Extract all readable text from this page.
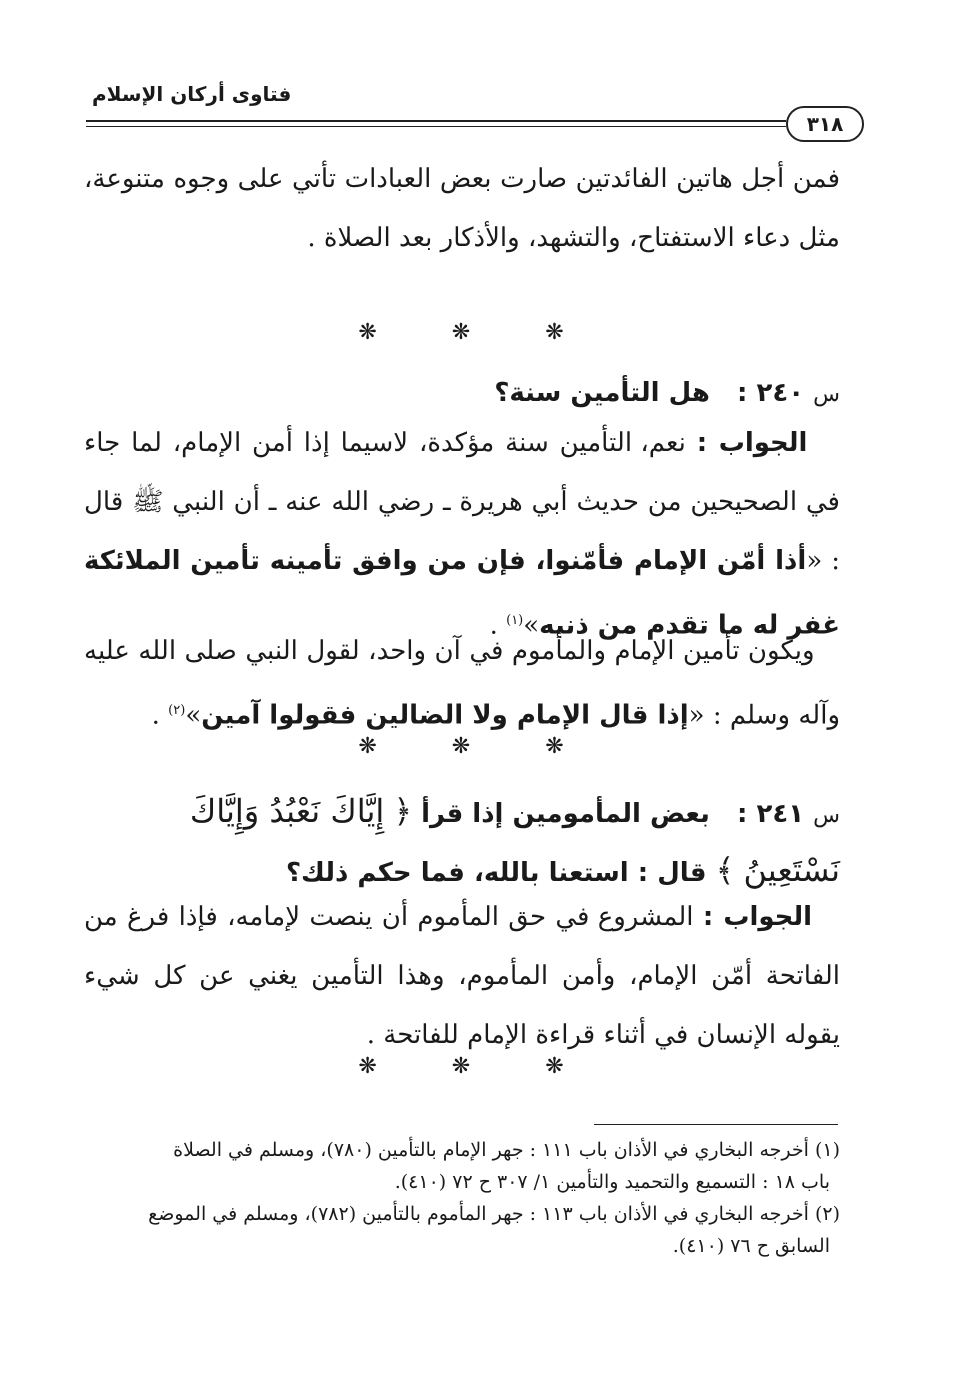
فتاوى أركان الإسلام
٣١٨
فمن أجل هاتين الفائدتين صارت بعض العبادات تأتي على وجوه متنوعة، مثل دعاء الاستفتاح، والتشهد، والأذكار بعد الصلاة .
❋ ❋ ❋
س ٢٤٠ :   هل التأمين سنة؟
الجواب : نعم، التأمين سنة مؤكدة، لاسيما إذا أمن الإمام، لما جاء في الصحيحين من حديث أبي هريرة ـ رضي الله عنه ـ أن النبي ﷺ قال : «أذا أمّن الإمام فأمّنوا، فإن من وافق تأمينه تأمين الملائكة غفر له ما تقدم من ذنبه»$^{(١)}$ .
ويكون تأمين الإمام والمأموم في آن واحد، لقول النبي صلى الله عليه وآله وسلم : «إذا قال الإمام ولا الضالين فقولوا آمين»$^{(٢)}$ .
❋ ❋ ❋
س ٢٤١ :   بعض المأمومين إذا قرأ ﴿ إِيَّاكَ نَعْبُدُ وَإِيَّاكَ نَسْتَعِينُ ﴾ قال : استعنا بالله، فما حكم ذلك؟
الجواب : المشروع في حق المأموم أن ينصت لإمامه، فإذا فرغ من الفاتحة أمّن الإمام، وأمن المأموم، وهذا التأمين يغني عن كل شيء يقوله الإنسان في أثناء قراءة الإمام للفاتحة .
❋ ❋ ❋

(١) أخرجه البخاري في الأذان باب ١١١ : جهر الإمام بالتأمين (٧٨٠)، ومسلم في الصلاة

باب ١٨ : التسميع والتحميد والتأمين ١/ ٣٠٧ ح ٧٢ (٤١٠).

(٢) أخرجه البخاري في الأذان باب ١١٣ : جهر المأموم بالتأمين (٧٨٢)، ومسلم في الموضع

السابق ح ٧٦ (٤١٠).
